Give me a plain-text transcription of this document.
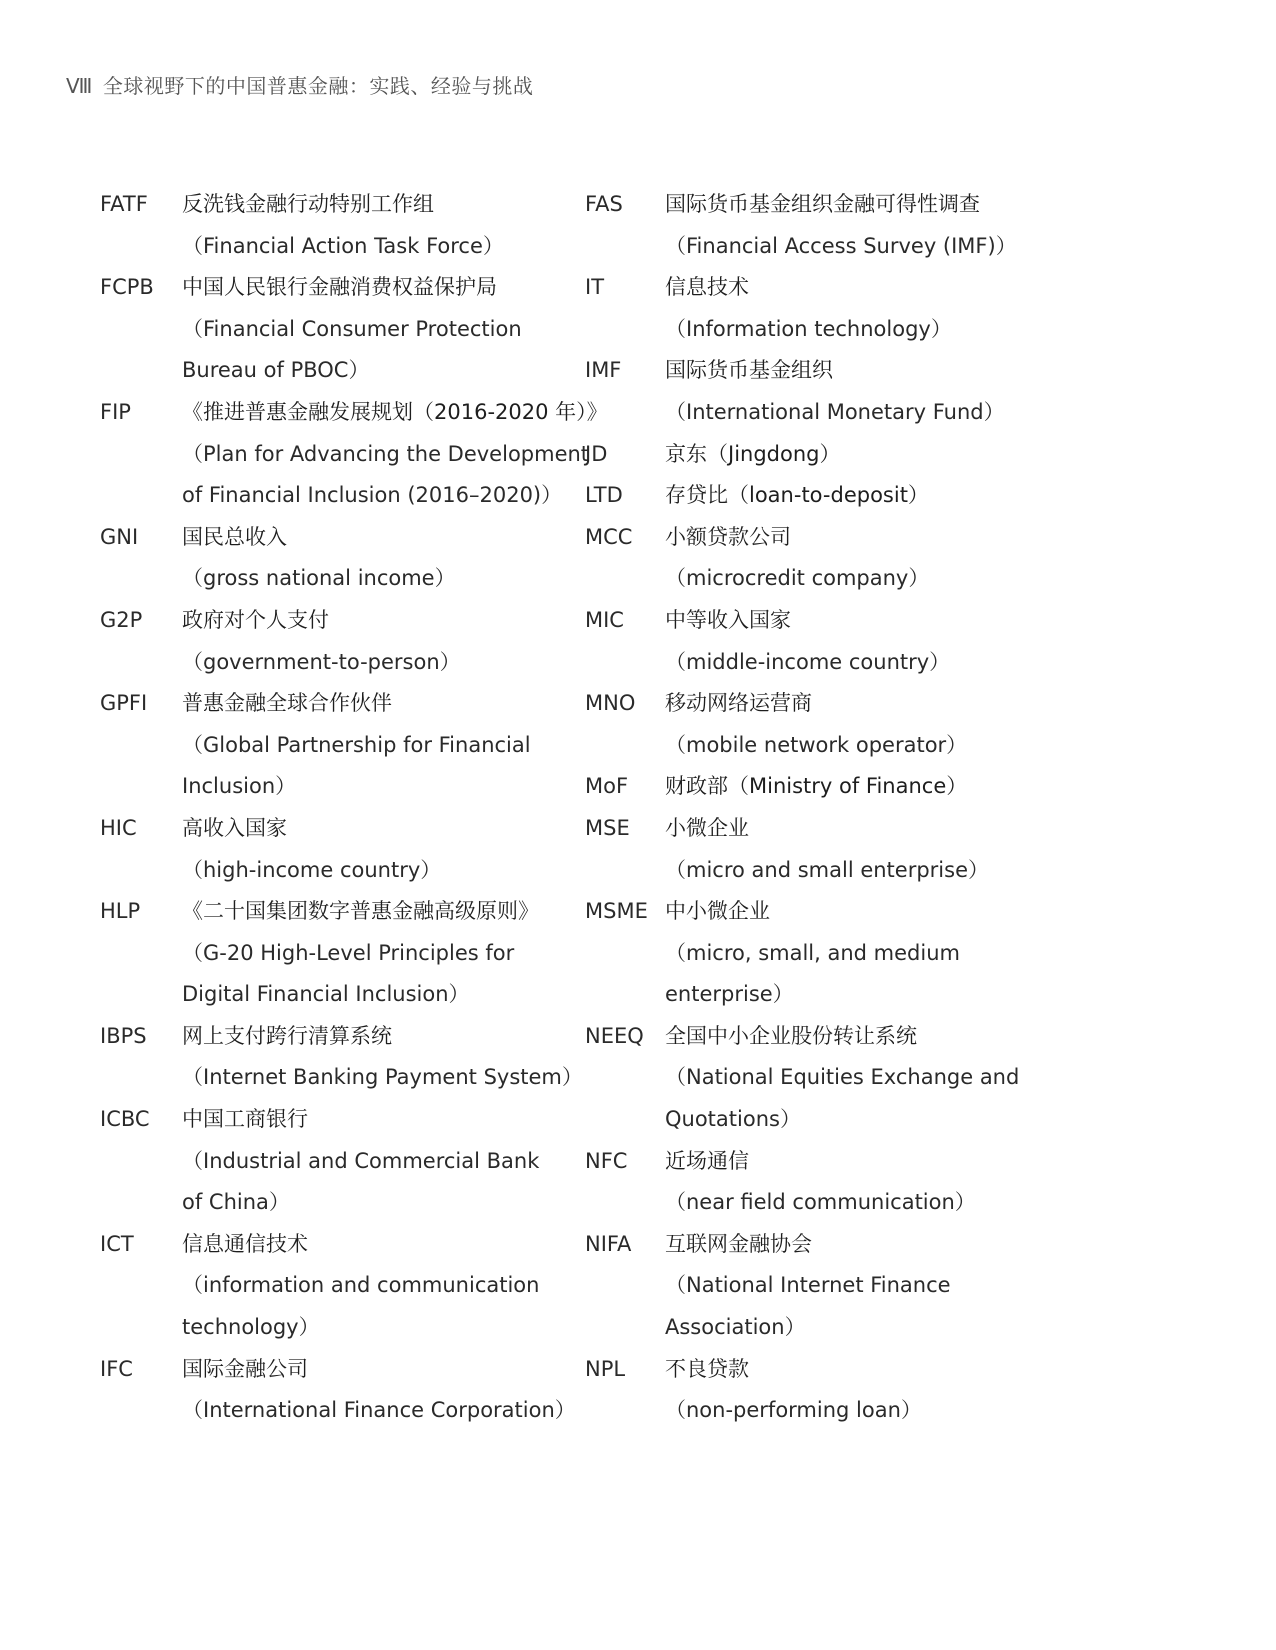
Ⅷ 全球视野下的中国普惠金融：实践、经验与挑战
FATF	反洗钱金融行动特别工作组
（Financial Action Task Force）
FCPB	中国人民银行金融消费权益保护局
（Financial Consumer Protection
Bureau of PBOC）
FIP	《推进普惠金融发展规划（2016-2020 年）》
（Plan for Advancing the Development
of Financial Inclusion (2016–2020)）
GNI	国民总收入
（gross national income）
G2P	政府对个人支付
（government-to-person）
GPFI	普惠金融全球合作伙伴
（Global Partnership for Financial
Inclusion）
HIC	高收入国家
（high-income country）
HLP	《二十国集团数字普惠金融高级原则》
（G-20 High-Level Principles for
Digital Financial Inclusion）
IBPS	网上支付跨行清算系统
（Internet Banking Payment System）
ICBC	中国工商银行
（Industrial and Commercial Bank
of China）
ICT	信息通信技术
（information and communication
technology）
IFC	国际金融公司
（International Finance Corporation）
FAS	国际货币基金组织金融可得性调查
（Financial Access Survey (IMF)）
IT	信息技术
（Information technology）
IMF	国际货币基金组织
（International Monetary Fund）
JD	京东（Jingdong）
LTD	存贷比（loan-to-deposit）
MCC	小额贷款公司
（microcredit company）
MIC	中等收入国家
（middle-income country）
MNO	移动网络运营商
（mobile network operator）
MoF	财政部（Ministry of Finance）
MSE	小微企业
（micro and small enterprise）
MSME 中小微企业
（micro, small, and medium
enterprise）
NEEQ	全国中小企业股份转让系统
（National Equities Exchange and
Quotations）
NFC	近场通信
（near field communication）
NIFA	互联网金融协会
（National Internet Finance
Association）
NPL	不良贷款
（non-performing loan）
